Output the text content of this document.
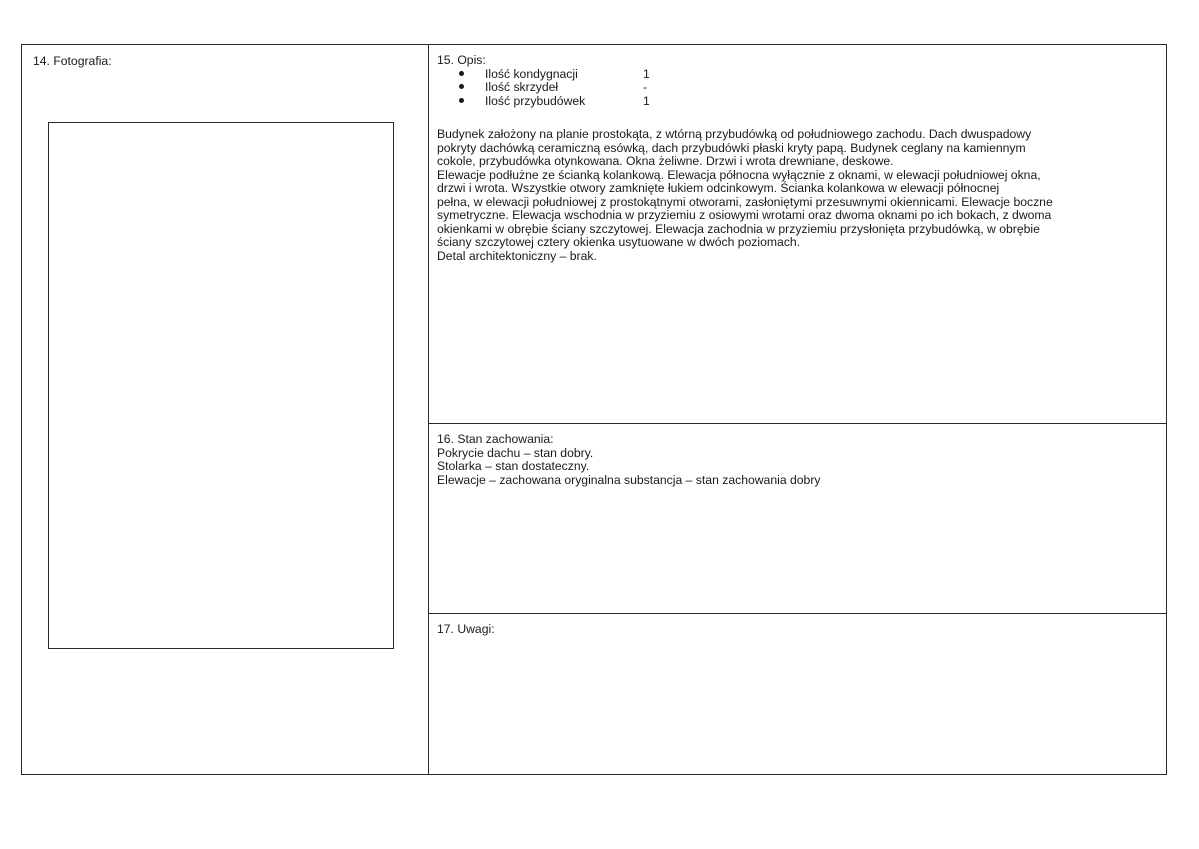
14. Fotografia:	15. Opis:
Ilość kondygnacji	1
Ilość skrzydeł	-
Ilość przybudówek	1

Budynek założony na planie prostokąta, z wtórną przybudówką od południowego zachodu. Dach dwuspadowy

pokryty dachówką ceramiczną esówką, dach przybudówki płaski kryty papą. Budynek ceglany na kamiennym

cokole, przybudówka otynkowana. Okna żeliwne. Drzwi i wrota drewniane, deskowe.

Elewacje podłużne ze ścianką kolankową. Elewacja północna wyłącznie z oknami, w elewacji południowej okna,

drzwi i wrota. Wszystkie otwory zamknięte łukiem odcinkowym. Ścianka kolankowa w elewacji północnej

pełna, w elewacji południowej z prostokątnymi otworami, zasłoniętymi przesuwnymi okiennicami. Elewacje boczne

symetryczne. Elewacja wschodnia w przyziemiu z osiowymi wrotami oraz dwoma oknami po ich bokach, z dwoma

okienkami w obrębie ściany szczytowej. Elewacja zachodnia w przyziemiu przysłonięta przybudówką, w obrębie

ściany szczytowej cztery okienka usytuowane w dwóch poziomach.

Detal architektoniczny – brak.

16. Stan zachowania:
Pokrycie dachu – stan dobry.
Stolarka – stan dostateczny.
Elewacje – zachowana oryginalna substancja – stan zachowania dobry
17. Uwagi:
